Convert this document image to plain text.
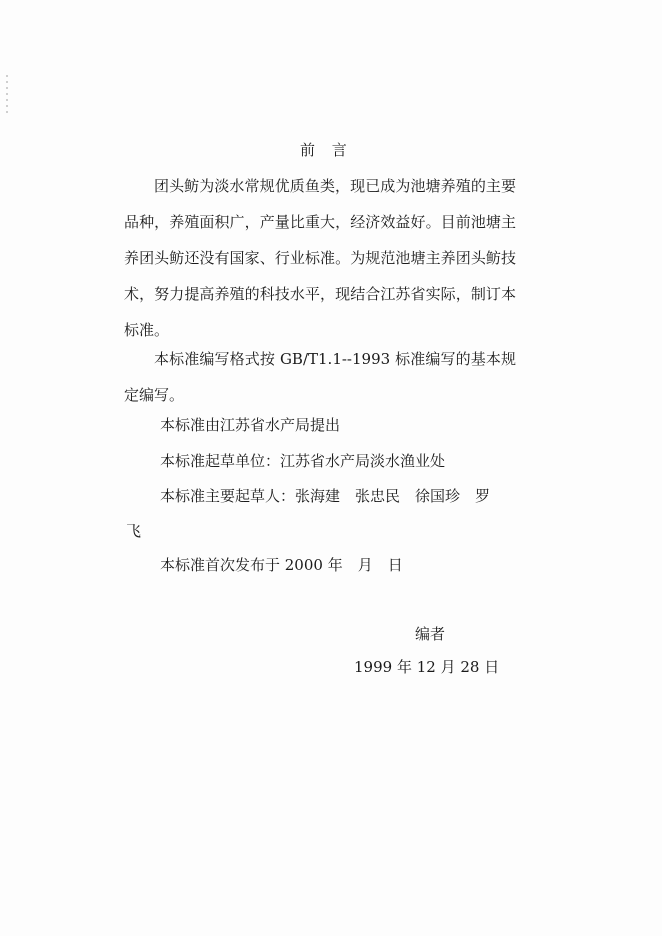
前 言

团头鲂为淡水常规优质鱼类，现已成为池塘养殖的主要品种，养殖面积广，产量比重大，经济效益好。目前池塘主养团头鲂还没有国家、行业标准。为规范池塘主养团头鲂技术，努力提高养殖的科技水平，现结合江苏省实际，制订本标准。

本标准编写格式按 GB/T1.1--1993 标准编写的基本规定编写。

本标准由江苏省水产局提出
本标准起草单位：江苏省水产局淡水渔业处
本标准主要起草人：张海建　张忠民　徐国珍　罗
飞
本标准首次发布于 2000 年　月　日
编者
1999 年 12 月 28 日
